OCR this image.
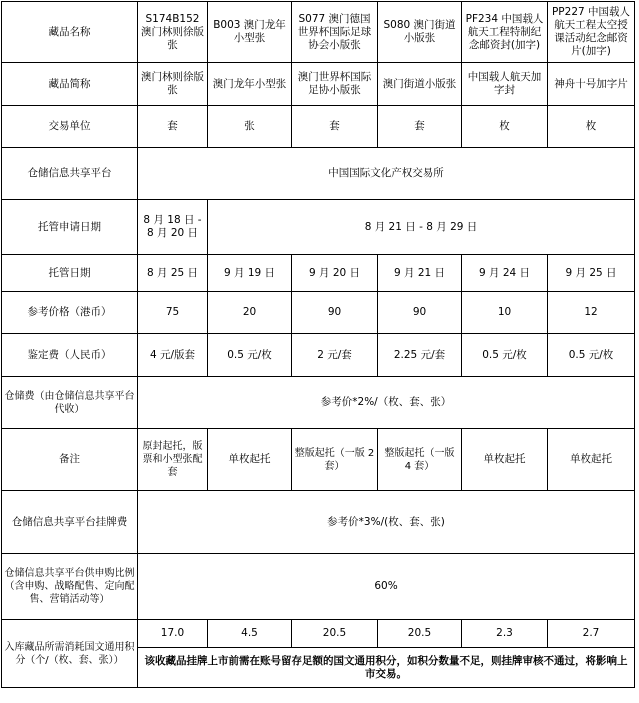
藏品名称	S174B152 澳门林则徐版张	B003 澳门龙年小型张	S077 澳门德国世界杯国际足球协会小版张	S080 澳门街道小版张	PF234 中国载人航天工程特制纪念邮资封(加字)	PP227 中国载人航天工程太空授课活动纪念邮资片(加字)
藏品简称	澳门林则徐版张	澳门龙年小型张	澳门世界杯国际足协小版张	澳门街道小版张	中国载人航天加字封	神舟十号加字片
交易单位	套	张	套	套	枚	枚
仓储信息共享平台	中国国际文化产权交易所					
托管申请日期	8 月 18 日 - 8 月 20 日	8 月 21 日 - 8 月 29 日				
托管日期	8 月 25 日	9 月 19 日	9 月 20 日	9 月 21 日	9 月 24 日	9 月 25 日
参考价格（港币）	75	20	90	90	10	12
鉴定费（人民币）	4 元/版套	0.5 元/枚	2 元/套	2.25 元/套	0.5 元/枚	0.5 元/枚
仓储费（由仓储信息共享平台代收）	参考价*2%/（枚、套、张）					
备注	原封起托，版票和小型张配套	单枚起托	整版起托（一版 2 套）	整版起托（一版 4 套）	单枚起托	单枚起托
仓储信息共享平台挂牌费	参考价*3%/(枚、套、张)					
仓储信息共享平台供申购比例（含申购、战略配售、定向配售、营销活动等）	60%					
入库藏品所需消耗国文通用积分（个/（枚、套、张））	17.0	4.5	20.5	20.5	2.3	2.7
	该收藏品挂牌上市前需在账号留存足额的国文通用积分，如积分数量不足，则挂牌审核不通过，将影响上市交易。					
